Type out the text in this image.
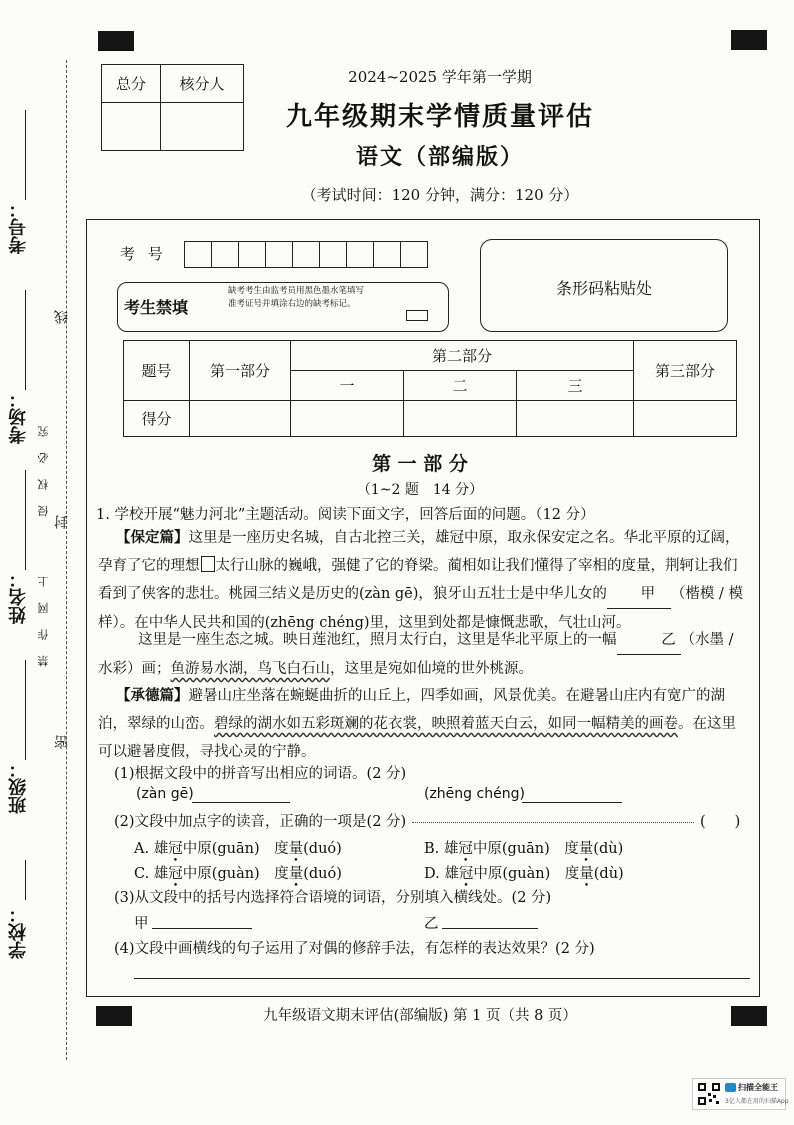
考号：
考场：
姓名：
班级：
学校：
线
封
密
侵 权 必 究
禁 作 网 上
总分	核分人
		2024~2025 学年第一学期
九年级期末学情质量评估
语文（部编版）
（考试时间：120 分钟，满分：120 分）
考 号
考生禁填
缺考考生由监考员用黑色墨水笔填写准考证号并填涂右边的缺考标记。
条形码粘贴处
题号	第一部分	第二部分			第三部分
		一	二	三	
得分					
第 一 部 分
（1~2 题　14 分）
1. 学校开展“魅力河北”主题活动。阅读下面文字，回答后面的问题。（12 分）
【保定篇】这里是一座历史名城，自古北控三关，雄冠中原，取永保安定之名。华北平原的辽阔，孕育了它的理想 太行山脉的巍峨，强健了它的脊梁。蔺相如让我们懂得了宰相的度量，荆轲让我们看到了侠客的悲壮。桃园三结义是历史的(zàn gē)，狼牙山五壮士是中华儿女的 甲 （楷模 / 模样）。在中华人民共和国的(zhēng chéng)里，这里到处都是慷慨悲歌，气壮山河。
这里是一座生态之城。映日莲池红，照月太行白，这里是华北平原上的一幅	乙 （水墨 / 水彩）画；鱼游易水湖，鸟飞白石山，这里是宛如仙境的世外桃源。
【承德篇】避暑山庄坐落在蜿蜒曲折的山丘上，四季如画，风景优美。在避暑山庄内有宽广的湖泊，翠绿的山峦。碧绿的湖水如五彩斑斓的花衣裳，映照着蓝天白云，如同一幅精美的画卷。在这里可以避暑度假，寻找心灵的宁静。
(1)根据文段中的拼音写出相应的词语。(2 分)
(zàn gē)	(zhēng chéng)
(2)文段中加点字的读音，正确的一项是(2 分)	(　　)
A. 雄冠中原(guān)　度量(duó)	B. 雄冠中原(guān)　度量(dù)
C. 雄冠中原(guàn)　度量(duó)	D. 雄冠中原(guàn)　度量(dù)
(3)从文段中的括号内选择符合语境的词语，分别填入横线处。(2 分)
甲	乙
(4)文段中画横线的句子运用了对偶的修辞手法，有怎样的表达效果？(2 分)
九年级语文期末评估(部编版) 第 1 页（共 8 页）
扫描全能王
3亿人都在用的扫描App
